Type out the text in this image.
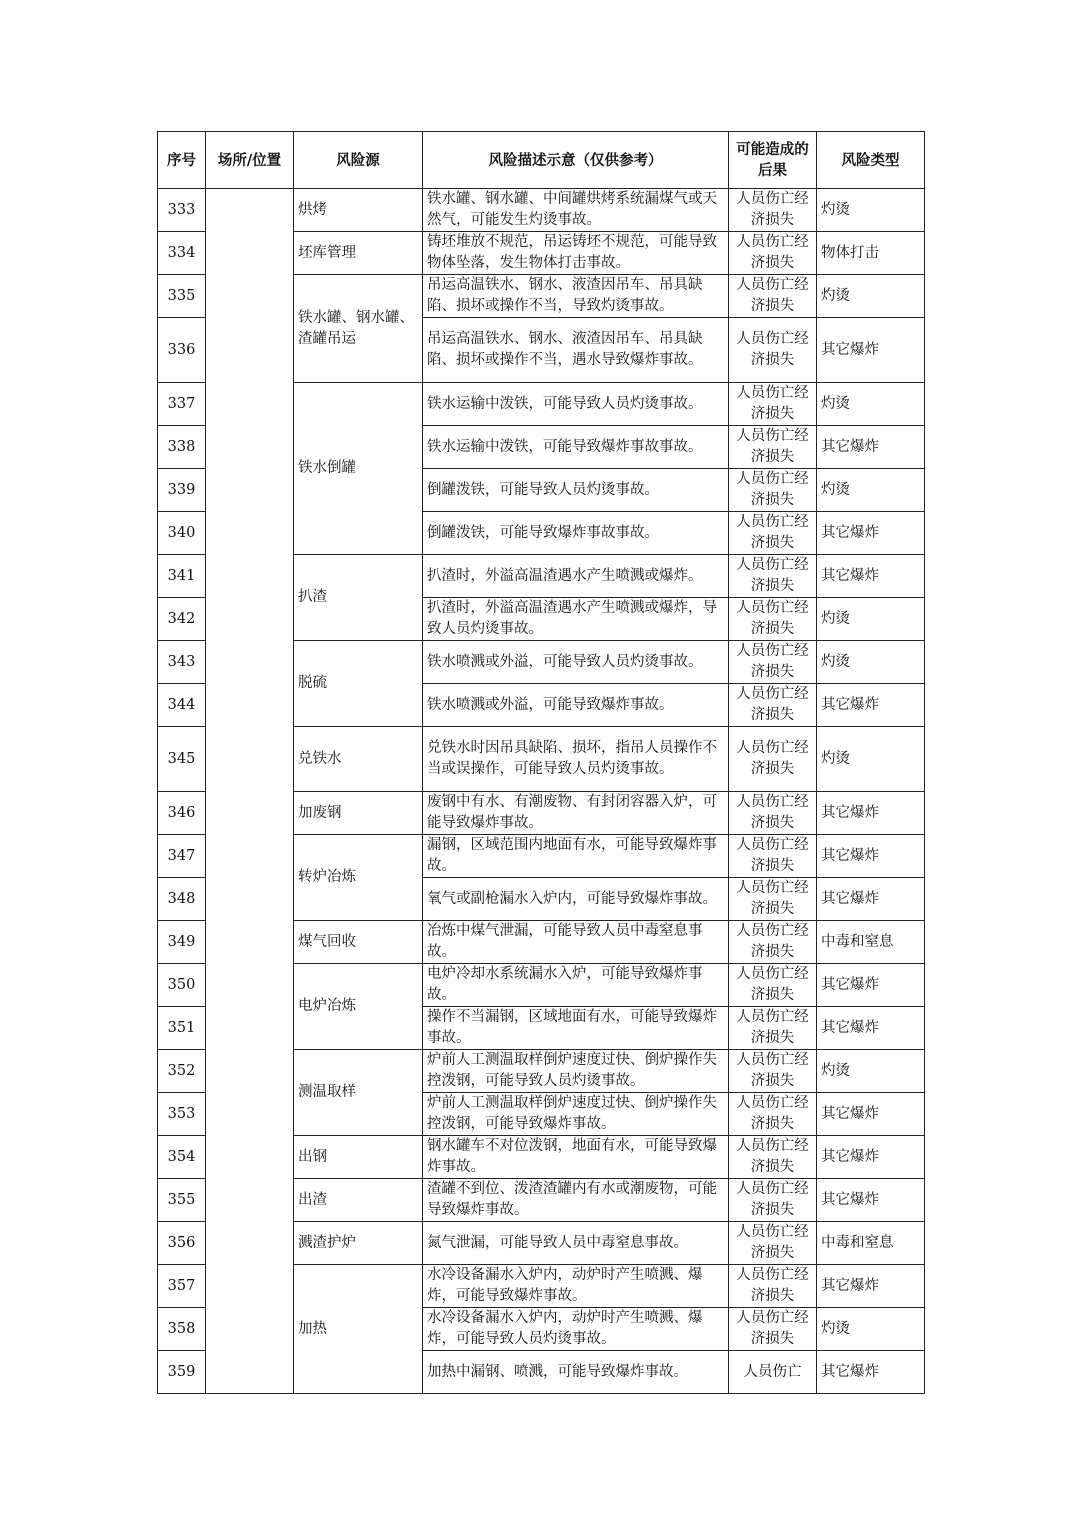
序号	场所/位置	风险源	风险描述示意（仅供参考）	可能造成的后果	风险类型
333		烘烤	铁水罐、钢水罐、中间罐烘烤系统漏煤气或天然气，可能发生灼烫事故。	人员伤亡经济损失	灼烫
334		坯库管理	铸坯堆放不规范，吊运铸坯不规范，可能导致物体坠落，发生物体打击事故。	人员伤亡经济损失	物体打击
335		铁水罐、钢水罐、渣罐吊运	吊运高温铁水、钢水、液渣因吊车、吊具缺陷、损坏或操作不当，导致灼烫事故。	人员伤亡经济损失	灼烫
336			吊运高温铁水、钢水、液渣因吊车、吊具缺陷、损坏或操作不当，遇水导致爆炸事故。	人员伤亡经济损失	其它爆炸
337		铁水倒罐	铁水运输中泼铁，可能导致人员灼烫事故。	人员伤亡经济损失	灼烫
338			铁水运输中泼铁，可能导致爆炸事故事故。	人员伤亡经济损失	其它爆炸
339			倒罐泼铁，可能导致人员灼烫事故。	人员伤亡经济损失	灼烫
340			倒罐泼铁，可能导致爆炸事故事故。	人员伤亡经济损失	其它爆炸
341		扒渣	扒渣时，外溢高温渣遇水产生喷溅或爆炸。	人员伤亡经济损失	其它爆炸
342			扒渣时，外溢高温渣遇水产生喷溅或爆炸，导致人员灼烫事故。	人员伤亡经济损失	灼烫
343		脱硫	铁水喷溅或外溢，可能导致人员灼烫事故。	人员伤亡经济损失	灼烫
344			铁水喷溅或外溢，可能导致爆炸事故。	人员伤亡经济损失	其它爆炸
345		兑铁水	兑铁水时因吊具缺陷、损坏，指吊人员操作不当或误操作，可能导致人员灼烫事故。	人员伤亡经济损失	灼烫
346		加废钢	废钢中有水、有潮废物、有封闭容器入炉，可能导致爆炸事故。	人员伤亡经济损失	其它爆炸
347		转炉冶炼	漏钢，区域范围内地面有水，可能导致爆炸事故。	人员伤亡经济损失	其它爆炸
348			氧气或副枪漏水入炉内，可能导致爆炸事故。	人员伤亡经济损失	其它爆炸
349		煤气回收	冶炼中煤气泄漏，可能导致人员中毒窒息事故。	人员伤亡经济损失	中毒和窒息
350		电炉冶炼	电炉冷却水系统漏水入炉，可能导致爆炸事故。	人员伤亡经济损失	其它爆炸
351			操作不当漏钢，区域地面有水，可能导致爆炸事故。	人员伤亡经济损失	其它爆炸
352		测温取样	炉前人工测温取样倒炉速度过快、倒炉操作失控泼钢，可能导致人员灼烫事故。	人员伤亡经济损失	灼烫
353			炉前人工测温取样倒炉速度过快、倒炉操作失控泼钢，可能导致爆炸事故。	人员伤亡经济损失	其它爆炸
354		出钢	钢水罐车不对位泼钢，地面有水，可能导致爆炸事故。	人员伤亡经济损失	其它爆炸
355		出渣	渣罐不到位、泼渣渣罐内有水或潮废物，可能导致爆炸事故。	人员伤亡经济损失	其它爆炸
356		溅渣护炉	氮气泄漏，可能导致人员中毒窒息事故。	人员伤亡经济损失	中毒和窒息
357		加热	水冷设备漏水入炉内，动炉时产生喷溅、爆炸，可能导致爆炸事故。	人员伤亡经济损失	其它爆炸
358			水冷设备漏水入炉内，动炉时产生喷溅、爆炸，可能导致人员灼烫事故。	人员伤亡经济损失	灼烫
359			加热中漏钢、喷溅，可能导致爆炸事故。	人员伤亡	其它爆炸
